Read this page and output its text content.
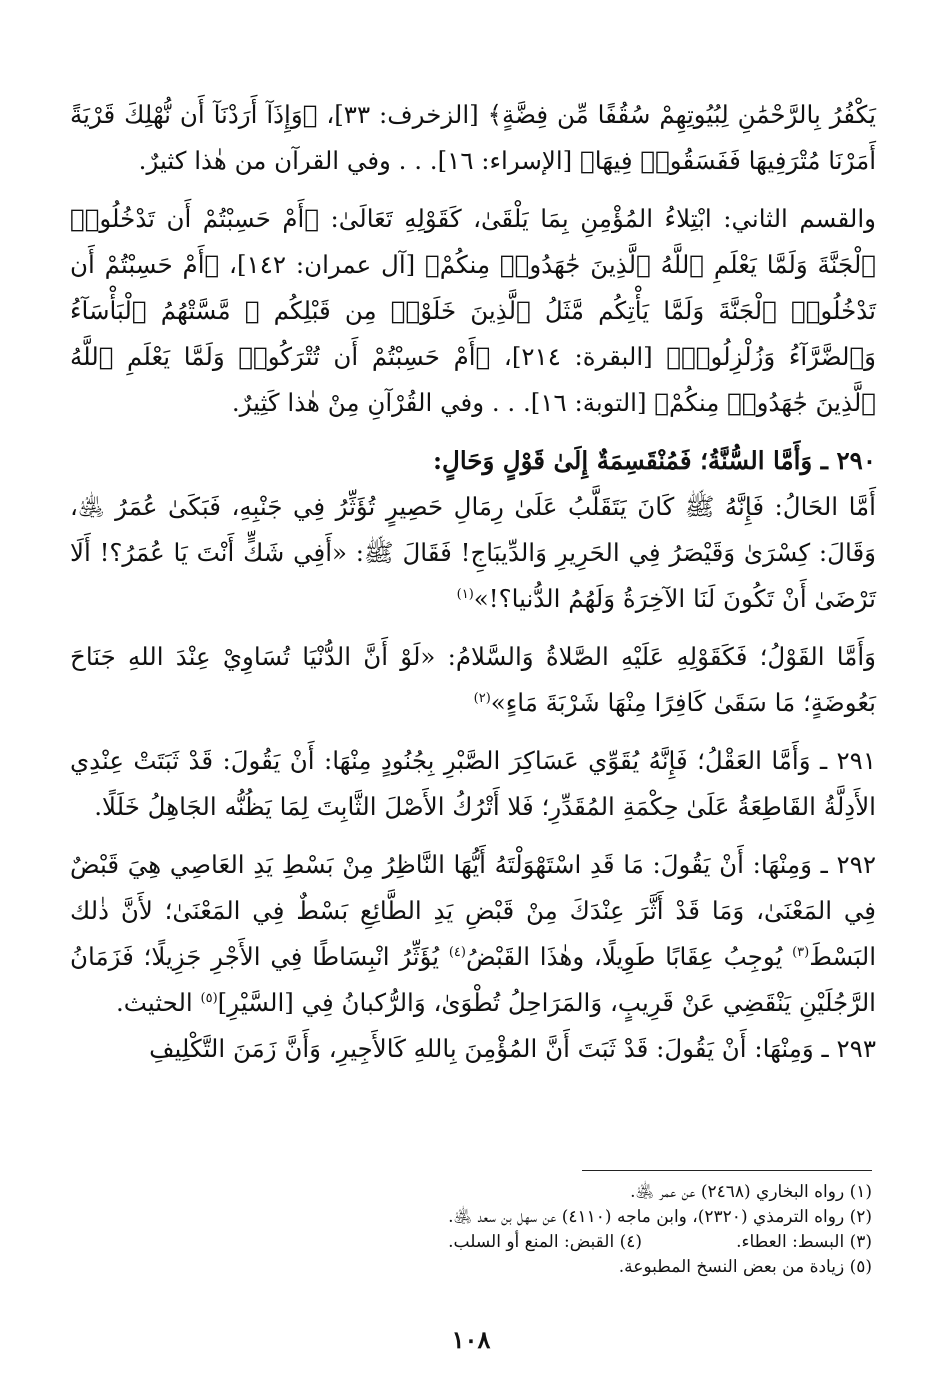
يَكْفُرُ بِالرَّحْمَٰنِ لِبُيُوتِهِمْ سُقُفًا مِّن فِضَّةٍ﴾ [الزخرف: ٣٣]، ﴿وَإِذَآ أَرَدْنَآ أَن نُّهْلِكَ قَرْيَةً أَمَرْنَا مُتْرَفِيهَا فَفَسَقُوا۟ فِيهَا﴾ [الإسراء: ١٦]. . . وفي القرآن من هٰذا كثيرٌ.

والقسم الثاني: ابْتِلاءُ المُؤْمِنِ بِمَا يَلْقَىٰ، كَقَوْلِهِ تَعَالَىٰ: ﴿أَمْ حَسِبْتُمْ أَن تَدْخُلُوا۟ ٱلْجَنَّةَ وَلَمَّا يَعْلَمِ ٱللَّهُ ٱلَّذِينَ جَٰهَدُوا۟ مِنكُمْ﴾ [آل عمران: ١٤٢]، ﴿أَمْ حَسِبْتُمْ أَن تَدْخُلُوا۟ ٱلْجَنَّةَ وَلَمَّا يَأْتِكُم مَّثَلُ ٱلَّذِينَ خَلَوْا۟ مِن قَبْلِكُم ۖ مَّسَّتْهُمُ ٱلْبَأْسَآءُ وَٱلضَّرَّآءُ وَزُلْزِلُوا۟﴾ [البقرة: ٢١٤]، ﴿أَمْ حَسِبْتُمْ أَن تُتْرَكُوا۟ وَلَمَّا يَعْلَمِ ٱللَّهُ ٱلَّذِينَ جَٰهَدُوا۟ مِنكُمْ﴾ [التوبة: ١٦]. . . وفي القُرْآنِ مِنْ هٰذا كَثِيرٌ.

٢٩٠ ـ وَأَمَّا السُّنَّةُ؛ فَمُنْقَسِمَةٌ إِلَىٰ قَوْلٍ وَحَالٍ:

أَمَّا الحَالُ: فَإِنَّهُ ﷺ كَانَ يَتَقَلَّبُ عَلَىٰ رِمَالِ حَصِيرٍ تُؤَثِّرُ فِي جَنْبِهِ، فَبَكَىٰ عُمَرُ ﵁، وَقَالَ: كِسْرَىٰ وَقَيْصَرُ فِي الحَرِيرِ وَالدِّيبَاجِ! فَقَالَ ﷺ: «أَفِي شَكٍّ أَنْتَ يَا عُمَرُ؟! أَلَا تَرْضَىٰ أَنْ تَكُونَ لَنَا الآخِرَةُ وَلَهُمُ الدُّنيا؟!»$^{(١)}$

وَأَمَّا القَوْلُ؛ فَكَقَوْلِهِ عَلَيْهِ الصَّلاةُ وَالسَّلامُ: «لَوْ أَنَّ الدُّنْيَا تُسَاوِيْ عِنْدَ اللهِ جَنَاحَ بَعُوضَةٍ؛ مَا سَقَىٰ كَافِرًا مِنْهَا شَرْبَةَ مَاءٍ»$^{(٢)}$

٢٩١ ـ وَأَمَّا العَقْلُ؛ فَإِنَّهُ يُقَوِّي عَسَاكِرَ الصَّبْرِ بِجُنُودٍ مِنْهَا: أَنْ يَقُولَ: قَدْ ثَبَتَتْ عِنْدِي الأَدِلَّةُ القَاطِعَةُ عَلَىٰ حِكْمَةِ المُقَدِّرِ؛ فَلا أَتْرُكُ الأَصْلَ الثَّابِتَ لِمَا يَظُنُّه الجَاهِلُ خَلَلًا.

٢٩٢ ـ وَمِنْهَا: أَنْ يَقُولَ: مَا قَدِ اسْتَهْوَلْتَهُ أَيُّهَا النَّاظِرُ مِنْ بَسْطِ يَدِ العَاصِي هِيَ قَبْضٌ فِي المَعْنَىٰ، وَمَا قَدْ أَثَّرَ عِنْدَكَ مِنْ قَبْضِ يَدِ الطَّائِعِ بَسْطٌ فِي المَعْنَىٰ؛ لأَنَّ ذٰلك البَسْطَ$^{(٣)}$ يُوجِبُ عِقَابًا طَوِيلًا، وهٰذَا القَبْضُ$^{(٤)}$ يُؤَثِّرُ انْبِسَاطًا فِي الأَجْرِ جَزِيلًا؛ فَزَمَانُ الرَّجُلَيْنِ يَنْقَضِي عَنْ قَرِيبٍ، وَالمَرَاحِلُ تُطْوَىٰ، وَالرُّكبانُ فِي [السَّيْرِ]$^{(٥)}$ الحثيث.

٢٩٣ ـ وَمِنْهَا: أَنْ يَقُولَ: قَدْ ثَبَتَ أَنَّ المُؤْمِنَ بِاللهِ كَالأَجِيرِ، وَأَنَّ زَمَنَ التَّكْلِيفِ

(١) رواه البخاري (٢٤٦٨) عن عمر ﵁.
(٢) رواه الترمذي (٢٣٢٠)، وابن ماجه (٤١١٠) عن سهل بن سعد ﵁.
(٣) البسط: العطاء.
(٤) القبض: المنع أو السلب.
(٥) زيادة من بعض النسخ المطبوعة.
١٠٨
